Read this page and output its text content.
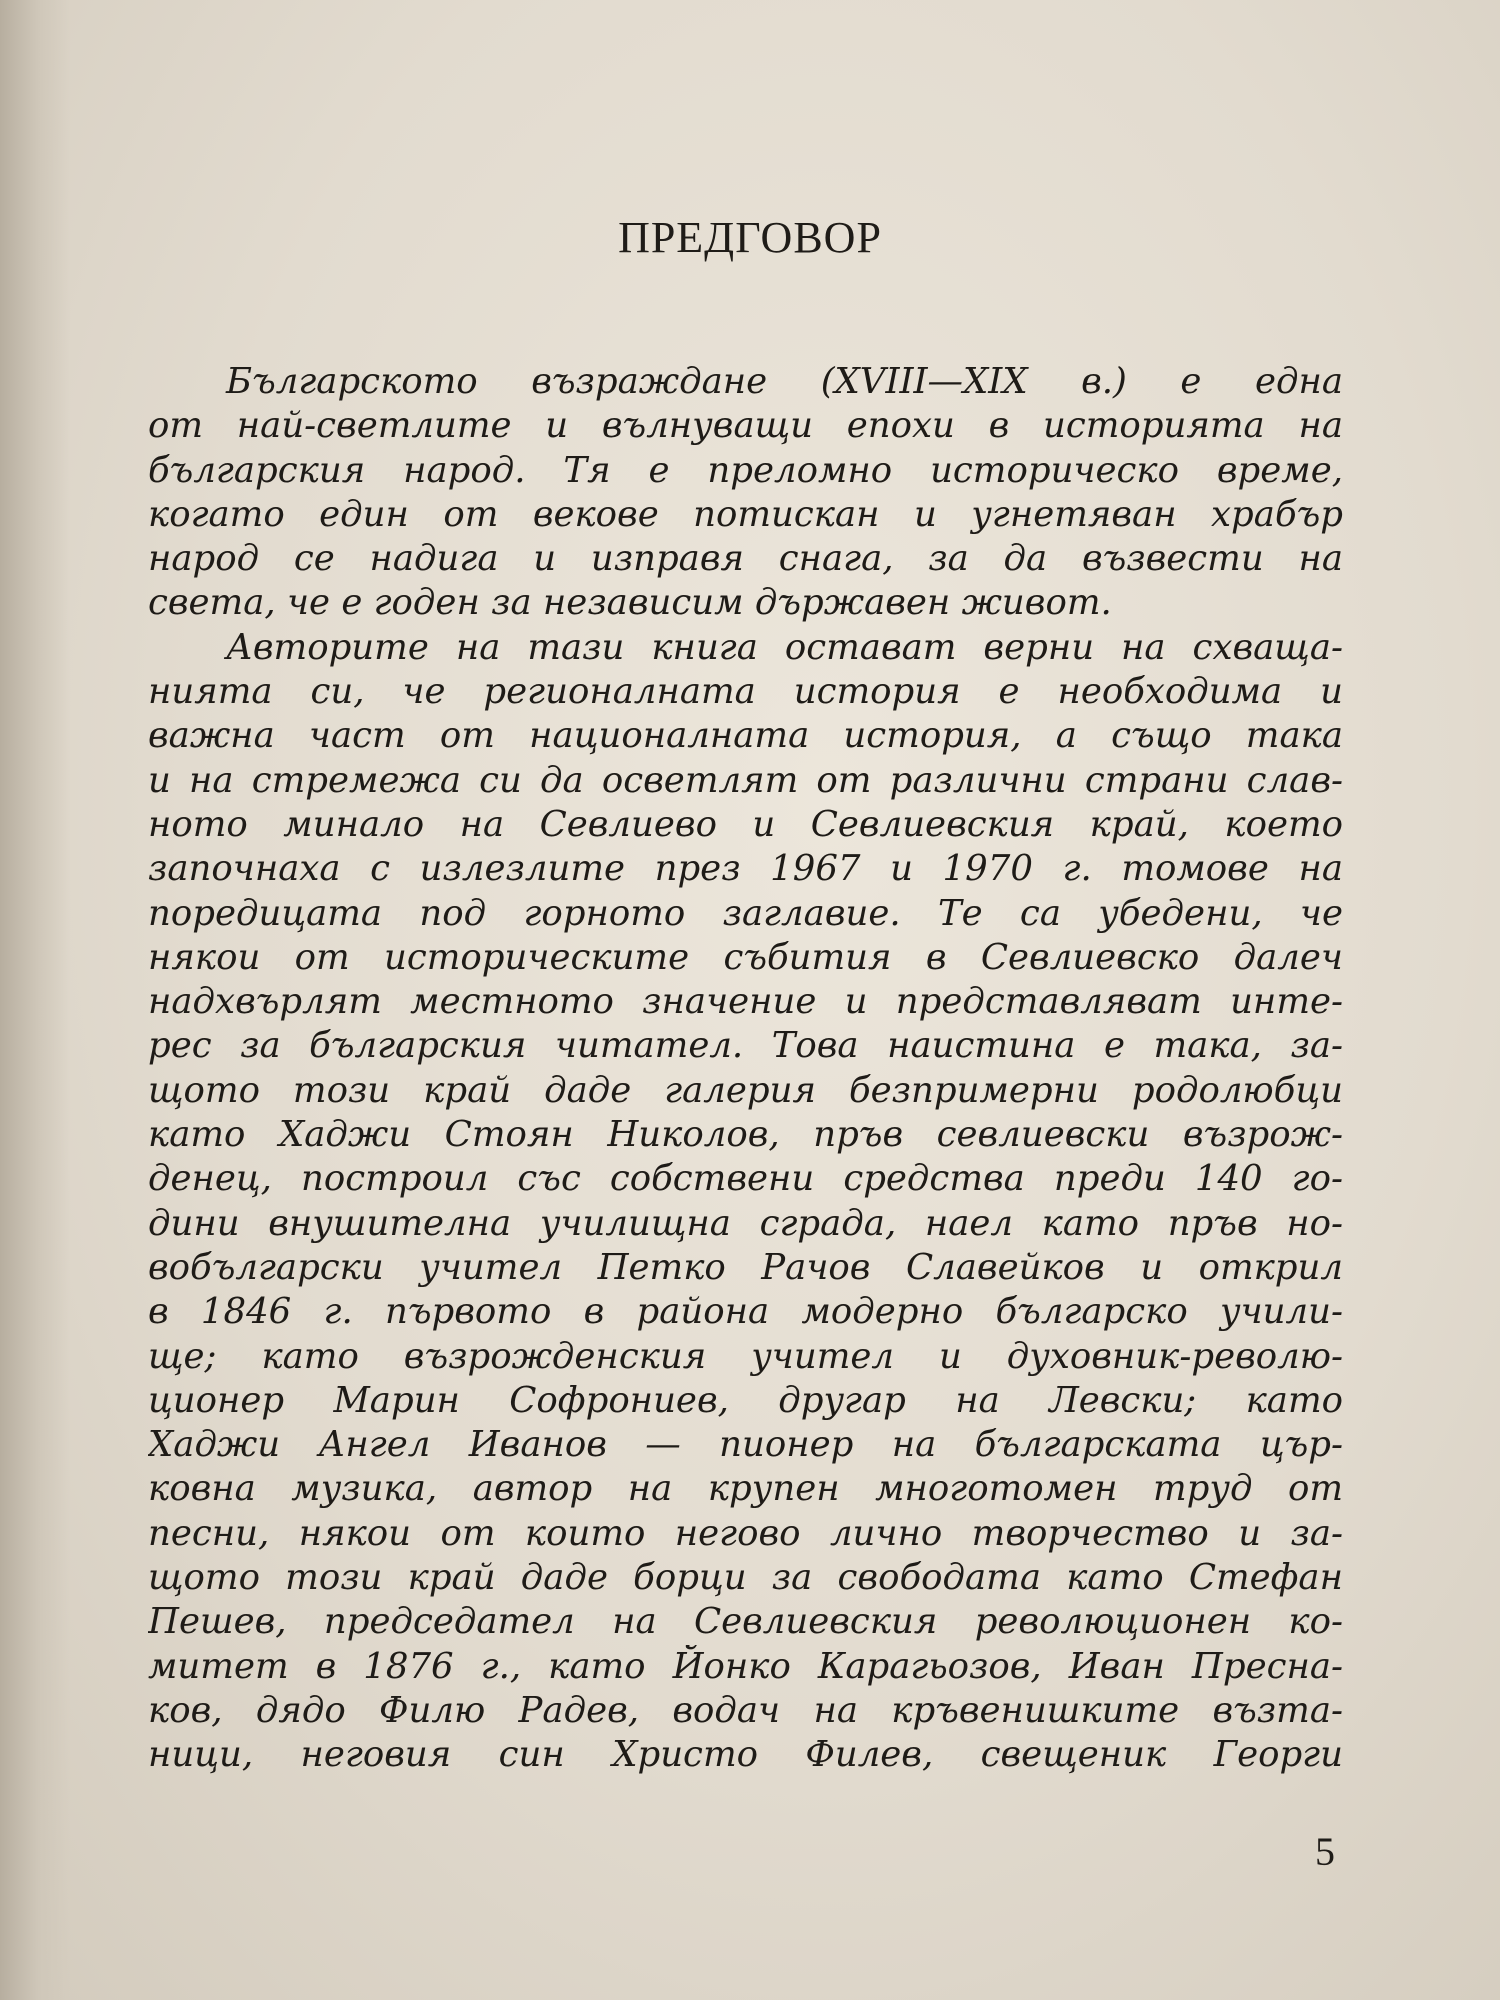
ПРЕДГОВОР
Българското възраждане (XVIII—XIX в.) е една
от най-светлите и вълнуващи епохи в историята на
българския народ. Тя е преломно историческо време,
когато един от векове потискан и угнетяван храбър
народ се надига и изправя снага, за да възвести на
света, че е годен за независим държавен живот.
Авторите на тази книга остават верни на схваща-
нията си, че регионалната история е необходима и
важна част от националната история, а също така
и на стремежа си да осветлят от различни страни слав-
ното минало на Севлиево и Севлиевския край, което
започнаха с излезлите през 1967 и 1970 г. томове на
поредицата под горното заглавие. Те са убедени, че
някои от историческите събития в Севлиевско далеч
надхвърлят местното значение и представляват инте-
рес за българския читател. Това наистина е така, за-
щото този край даде галерия безпримерни родолюбци
като Хаджи Стоян Николов, пръв севлиевски възрож-
денец, построил със собствени средства преди 140 го-
дини внушителна училищна сграда, наел като пръв но-
вобългарски учител Петко Рачов Славейков и открил
в 1846 г. първото в района модерно българско учили-
ще; като възрожденския учител и духовник-револю-
ционер Марин Софрониев, другар на Левски; като
Хаджи Ангел Иванов — пионер на българската цър-
ковна музика, автор на крупен многотомен труд от
песни, някои от които негово лично творчество и за-
щото този край даде борци за свободата като Стефан
Пешев, председател на Севлиевския революционен ко-
митет в 1876 г., като Йонко Карагьозов, Иван Пресна-
ков, дядо Филю Радев, водач на кръвенишките възта-
ници, неговия син Христо Филев, свещеник Георги
5
